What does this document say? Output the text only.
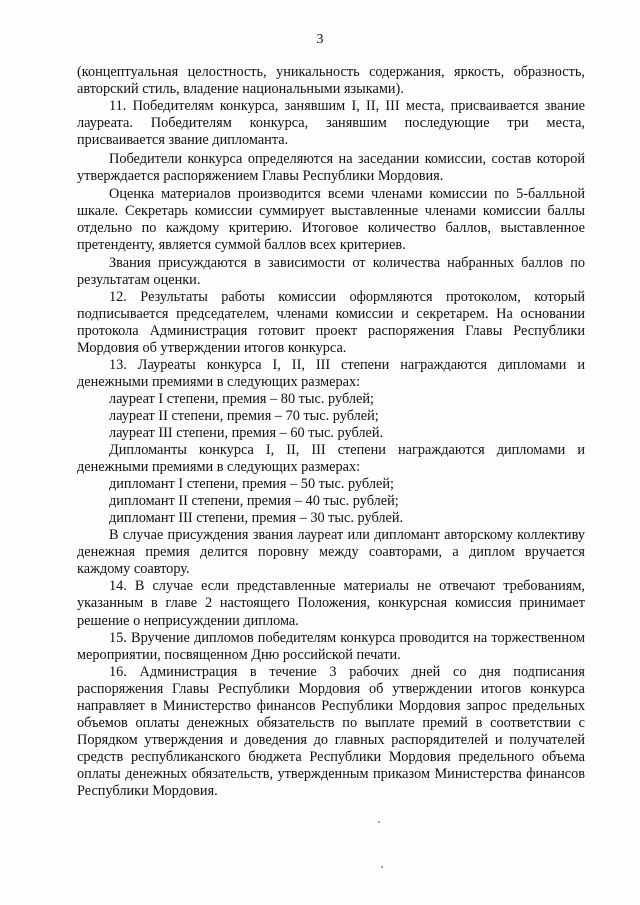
3

(концептуальная целостность, уникальность содержания, яркость, образность, авторский стиль, владение национальными языками).

11. Победителям конкурса, занявшим I, II, III места, присваивается звание лауреата. Победителям конкурса, занявшим последующие три места, присваивается звание дипломанта.

Победители конкурса определяются на заседании комиссии, состав которой утверждается распоряжением Главы Республики Мордовия.

Оценка материалов производится всеми членами комиссии по 5-балльной шкале. Секретарь комиссии суммирует выставленные членами комиссии баллы отдельно по каждому критерию. Итоговое количество баллов, выставленное претенденту, является суммой баллов всех критериев.

Звания присуждаются в зависимости от количества набранных баллов по результатам оценки.

12. Результаты работы комиссии оформляются протоколом, который подписывается председателем, членами комиссии и секретарем. На основании протокола Администрация готовит проект распоряжения Главы Республики Мордовия об утверждении итогов конкурса.

13. Лауреаты конкурса I, II, III степени награждаются дипломами и денежными премиями в следующих размерах:

лауреат I степени, премия – 80 тыс. рублей;

лауреат II степени, премия – 70 тыс. рублей;

лауреат III степени, премия – 60 тыс. рублей.

Дипломанты конкурса I, II, III степени награждаются дипломами и денежными премиями в следующих размерах:

дипломант I степени, премия – 50 тыс. рублей;

дипломант II степени, премия – 40 тыс. рублей;

дипломант III степени, премия – 30 тыс. рублей.

В случае присуждения звания лауреат или дипломант авторскому коллективу денежная премия делится поровну между соавторами, а диплом вручается каждому соавтору.

14. В случае если представленные материалы не отвечают требованиям, указанным в главе 2 настоящего Положения, конкурсная комиссия принимает решение о неприсуждении диплома.

15. Вручение дипломов победителям конкурса проводится на торжественном мероприятии, посвященном Дню российской печати.

16. Администрация в течение 3 рабочих дней со дня подписания распоряжения Главы Республики Мордовия об утверждении итогов конкурса направляет в Министерство финансов Республики Мордовия запрос предельных объемов оплаты денежных обязательств по выплате премий в соответствии с Порядком утверждения и доведения до главных распорядителей и получателей средств республиканского бюджета Республики Мордовия предельного объема оплаты денежных обязательств, утвержденным приказом Министерства финансов Республики Мордовия.
